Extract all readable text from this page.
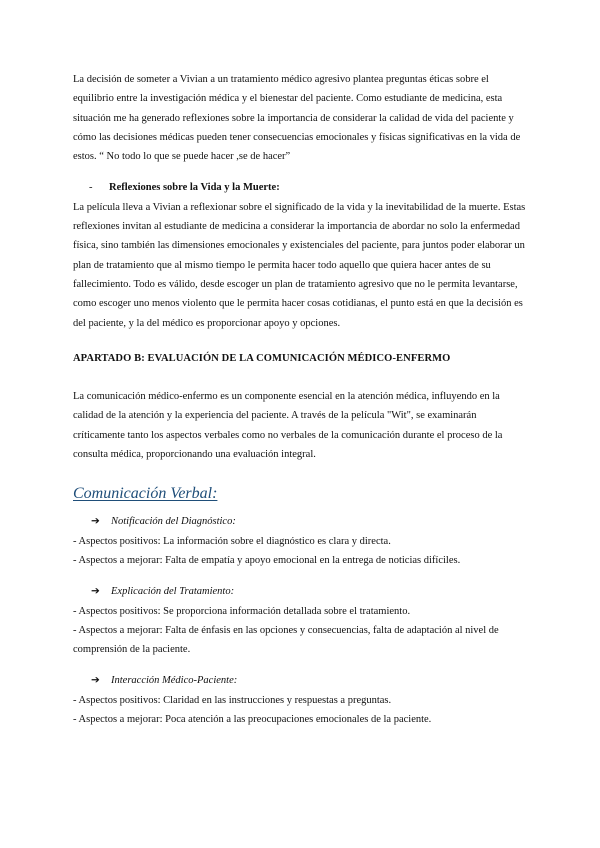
La decisión de someter a Vivian a un tratamiento médico agresivo plantea preguntas éticas sobre el equilibrio entre la investigación médica y el bienestar del paciente. Como estudiante de medicina, esta situación me ha generado reflexiones sobre la importancia de considerar la calidad de vida del paciente y cómo las decisiones médicas pueden tener consecuencias emocionales y físicas significativas en la vida de estos. “ No todo lo que se puede hacer ,se de hacer”

- Reflexiones sobre la Vida y la Muerte:

La película lleva a Vivian a reflexionar sobre el significado de la vida y la inevitabilidad de la muerte. Estas reflexiones invitan al estudiante de medicina a considerar la importancia de abordar no solo la enfermedad física, sino también las dimensiones emocionales y existenciales del paciente, para juntos poder elaborar un plan de tratamiento que al mismo tiempo le permita hacer todo aquello que quiera hacer antes de su fallecimiento. Todo es válido, desde escoger un plan de tratamiento agresivo que no le permita levantarse, como escoger uno menos violento que le permita hacer cosas cotidianas, el punto está en que la decisión es del paciente, y la del médico es proporcionar apoyo y opciones.

APARTADO B: EVALUACIÓN DE LA COMUNICACIÓN MÉDICO-ENFERMO

La comunicación médico-enfermo es un componente esencial en la atención médica, influyendo en la calidad de la atención y la experiencia del paciente. A través de la película "Wit", se examinarán críticamente tanto los aspectos verbales como no verbales de la comunicación durante el proceso de la consulta médica, proporcionando una evaluación integral.

Comunicación Verbal:
➔ Notificación del Diagnóstico:
- Aspectos positivos: La información sobre el diagnóstico es clara y directa.
- Aspectos a mejorar: Falta de empatía y apoyo emocional en la entrega de noticias difíciles.
➔ Explicación del Tratamiento:
- Aspectos positivos: Se proporciona información detallada sobre el tratamiento.
- Aspectos a mejorar: Falta de énfasis en las opciones y consecuencias, falta de adaptación al nivel de comprensión de la paciente.
➔ Interacción Médico-Paciente:
- Aspectos positivos: Claridad en las instrucciones y respuestas a preguntas.
- Aspectos a mejorar: Poca atención a las preocupaciones emocionales de la paciente.
